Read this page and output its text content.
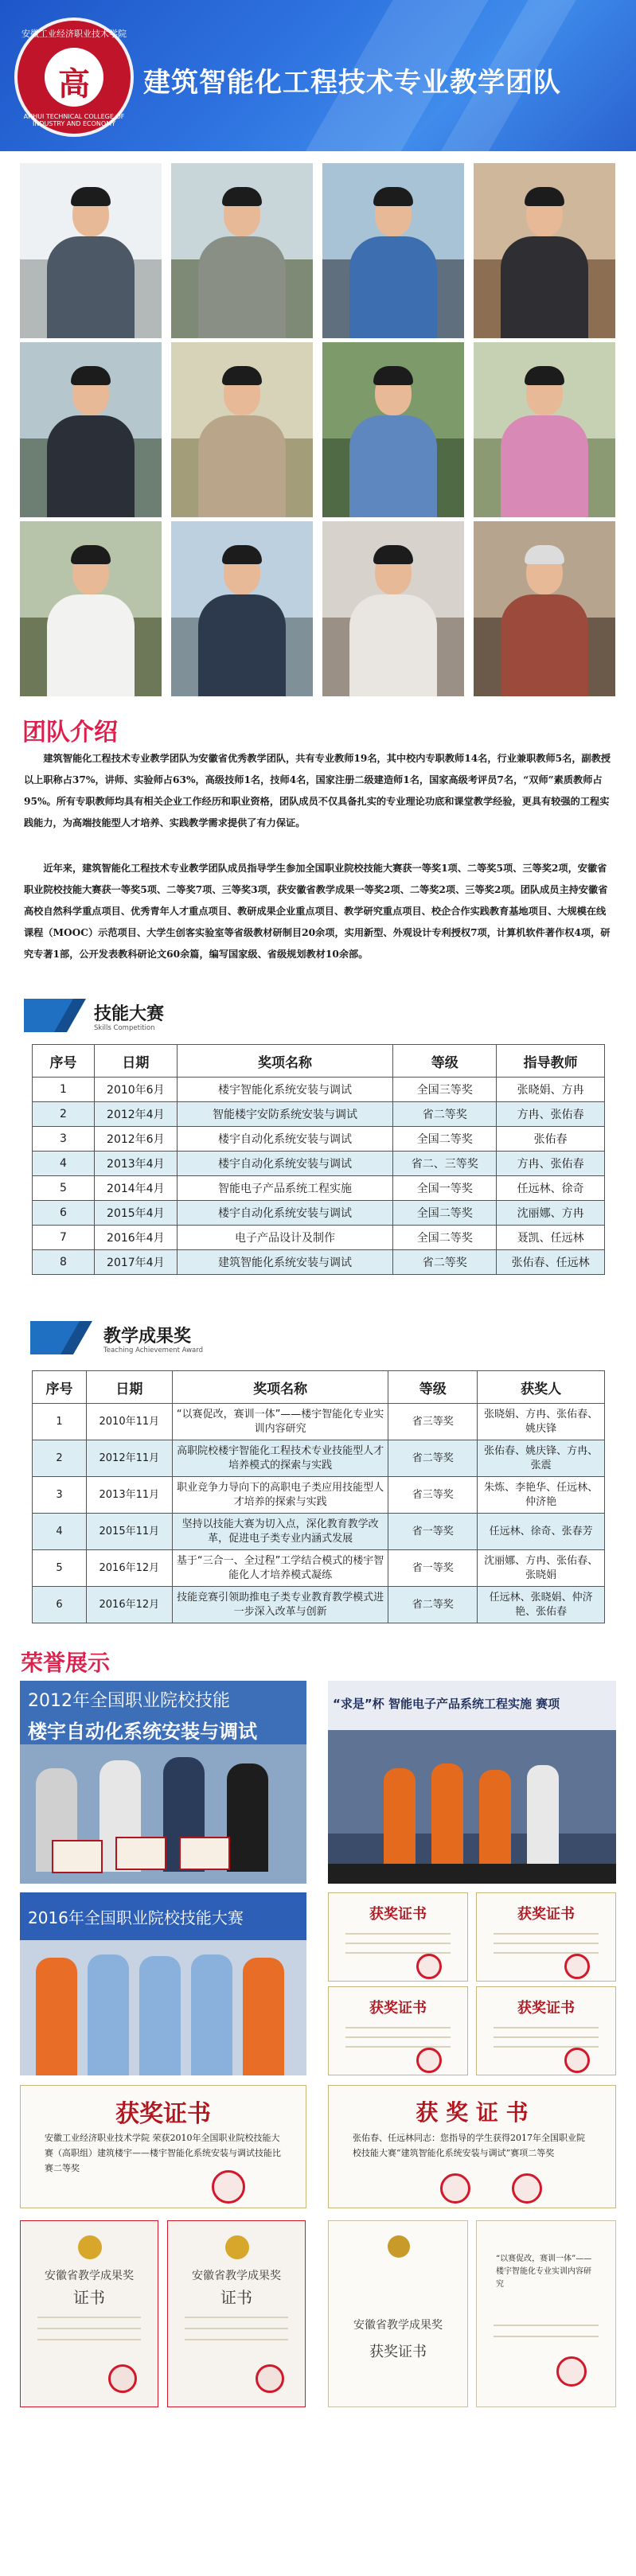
安徽工业经济职业技术学院
高
ANHUI TECHNICAL COLLEGE OF INDUSTRY AND ECONOMY
建筑智能化工程技术专业教学团队
团队介绍

建筑智能化工程技术专业教学团队为安徽省优秀教学团队，共有专业教师19名，其中校内专职教师14名，行业兼职教师5名，副教授以上职称占37%，讲师、实验师占63%，高级技师1名，技师4名，国家注册二级建造师1名，国家高级考评员7名，“双师”素质教师占95%。所有专职教师均具有相关企业工作经历和职业资格，团队成员不仅具备扎实的专业理论功底和课堂教学经验，更具有较强的工程实践能力，为高端技能型人才培养、实践教学需求提供了有力保证。

近年来，建筑智能化工程技术专业教学团队成员指导学生参加全国职业院校技能大赛获一等奖1项、二等奖5项、三等奖2项，安徽省职业院校技能大赛获一等奖5项、二等奖7项、三等奖3项，获安徽省教学成果一等奖2项、二等奖2项、三等奖2项。团队成员主持安徽省高校自然科学重点项目、优秀青年人才重点项目、教研成果企业重点项目、教学研究重点项目、校企合作实践教育基地项目、大规模在线课程（MOOC）示范项目、大学生创客实验室等省级教材研制目20余项，实用新型、外观设计专利授权7项，计算机软件著作权4项，研究专著1部，公开发表教科研论文60余篇，编写国家级、省级规划教材10余部。

技能大赛
Skills Competition
序号	日期	奖项名称	等级	指导教师
1	2010年6月	楼宇智能化系统安装与调试	全国三等奖	张晓娟、方冉
2	2012年4月	智能楼宇安防系统安装与调试	省二等奖	方冉、张佑春
3	2012年6月	楼宇自动化系统安装与调试	全国二等奖	张佑春
4	2013年4月	楼宇自动化系统安装与调试	省二、三等奖	方冉、张佑春
5	2014年4月	智能电子产品系统工程实施	全国一等奖	任远林、徐奇
6	2015年4月	楼宇自动化系统安装与调试	全国二等奖	沈丽娜、方冉
7	2016年4月	电子产品设计及制作	全国二等奖	聂凯、任远林
8	2017年4月	建筑智能化系统安装与调试	省二等奖	张佑春、任远林
教学成果奖
Teaching Achievement Award
序号	日期	奖项名称	等级	获奖人
1	2010年11月	“以赛促改，赛训一体”——楼宇智能化专业实训内容研究	省三等奖	张晓娟、方冉、张佑春、姚庆锋
2	2012年11月	高职院校楼宇智能化工程技术专业技能型人才培养模式的探索与实践	省二等奖	张佑春、姚庆锋、方冉、张震
3	2013年11月	职业竞争力导向下的高职电子类应用技能型人才培养的探索与实践	省三等奖	朱炼、李艳华、任远林、仲济艳
4	2015年11月	坚持以技能大赛为切入点，深化教育教学改革，促进电子类专业内涵式发展	省一等奖	任远林、徐奇、张春芳
5	2016年12月	基于“三合一、全过程”工学结合模式的楼宇智能化人才培养模式凝练	省一等奖	沈丽娜、方冉、张佑春、张晓娟
6	2016年12月	技能竞赛引领助推电子类专业教育教学模式进一步深入改革与创新	省二等奖	任远林、张晓娟、仲济艳、张佑春
荣誉展示
2012年全国职业院校技能
楼宇自动化系统安装与调试
“求是”杯 智能电子产品系统工程实施 赛项
2016年全国职业院校技能大赛	获奖证书	获奖证书
获奖证书	获奖证书
获奖证书
安徽工业经济职业技术学院 荣获2010年全国职业院校技能大赛（高职组）建筑楼宇——楼宇智能化系统安装与调试技能比赛二等奖
获 奖 证 书
张佑春、任远林同志：您指导的学生获得2017年全国职业院校技能大赛“建筑智能化系统安装与调试”赛项二等奖
安徽省教学成果奖
证书
安徽省教学成果奖
证书
安徽省教学成果奖
获奖证书
“以赛促改，赛训一体”——楼宇智能化专业实训内容研究
